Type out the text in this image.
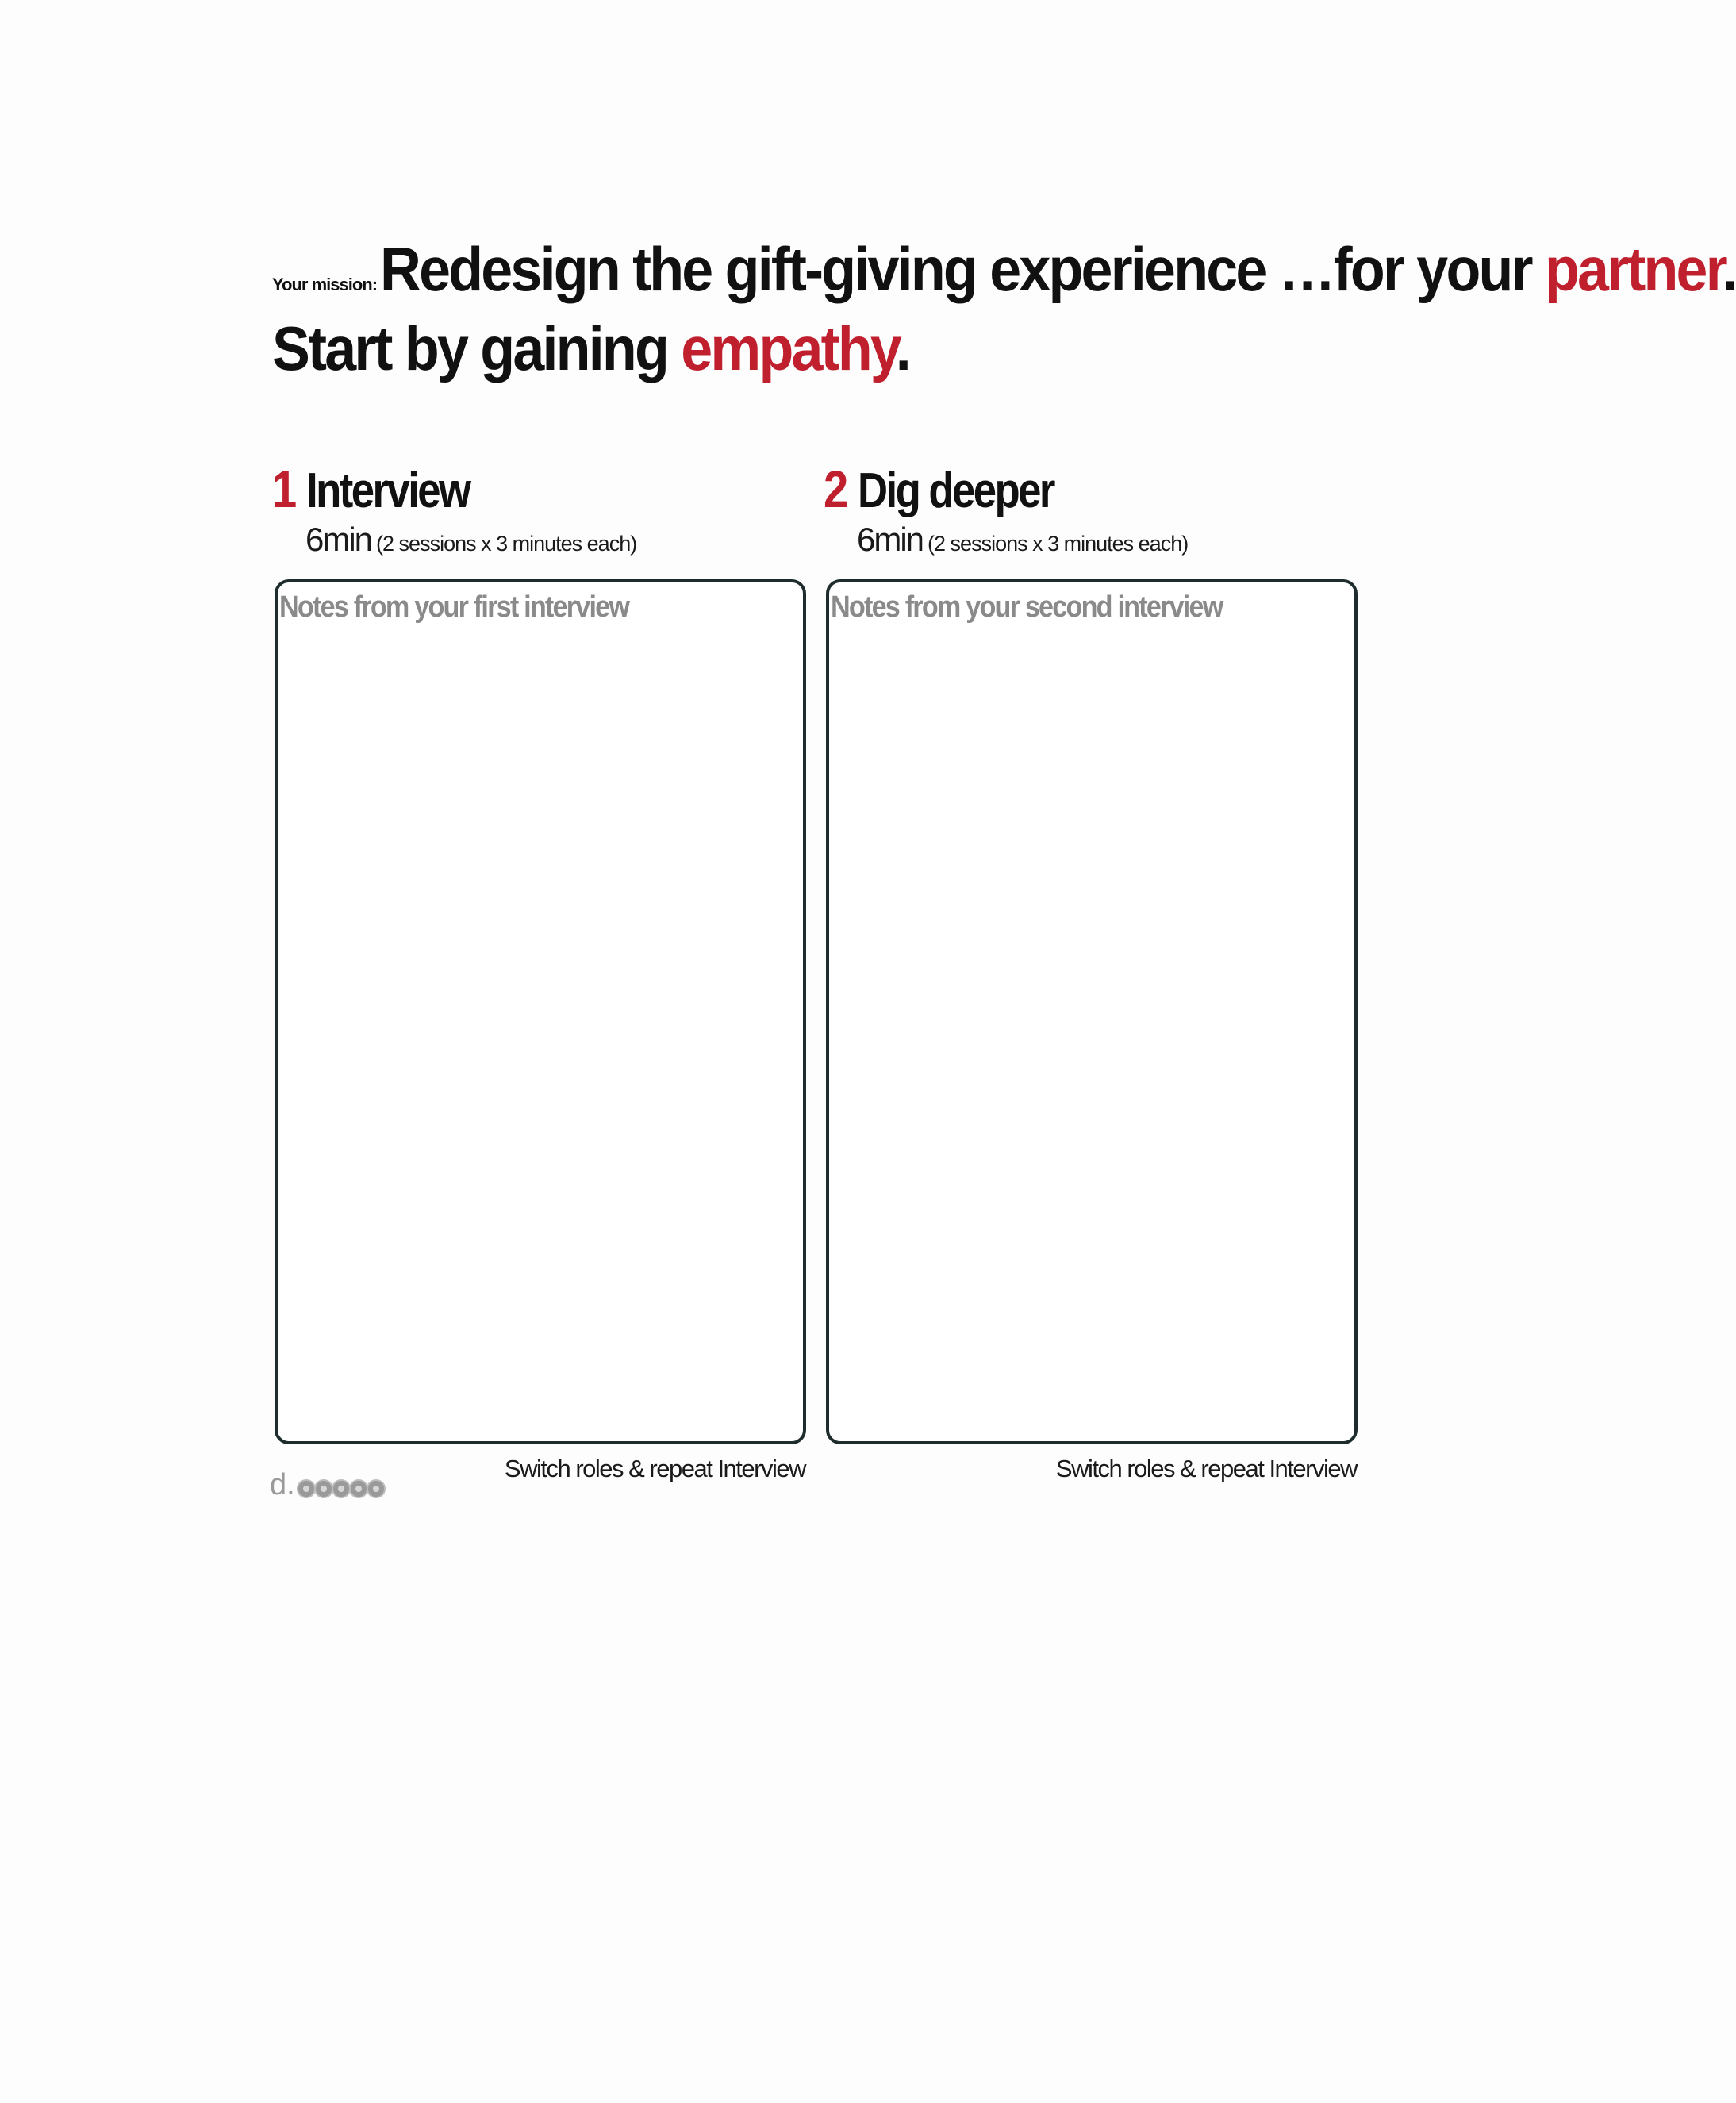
Your mission: Redesign the gift-giving experience …for your partner.
Start by gaining empathy.
1 Interview
6min (2 sessions x 3 minutes each)
Notes from your first interview
Switch roles & repeat Interview
2 Dig deeper
6min (2 sessions x 3 minutes each)
Notes from your second interview
Switch roles & repeat Interview
d.
